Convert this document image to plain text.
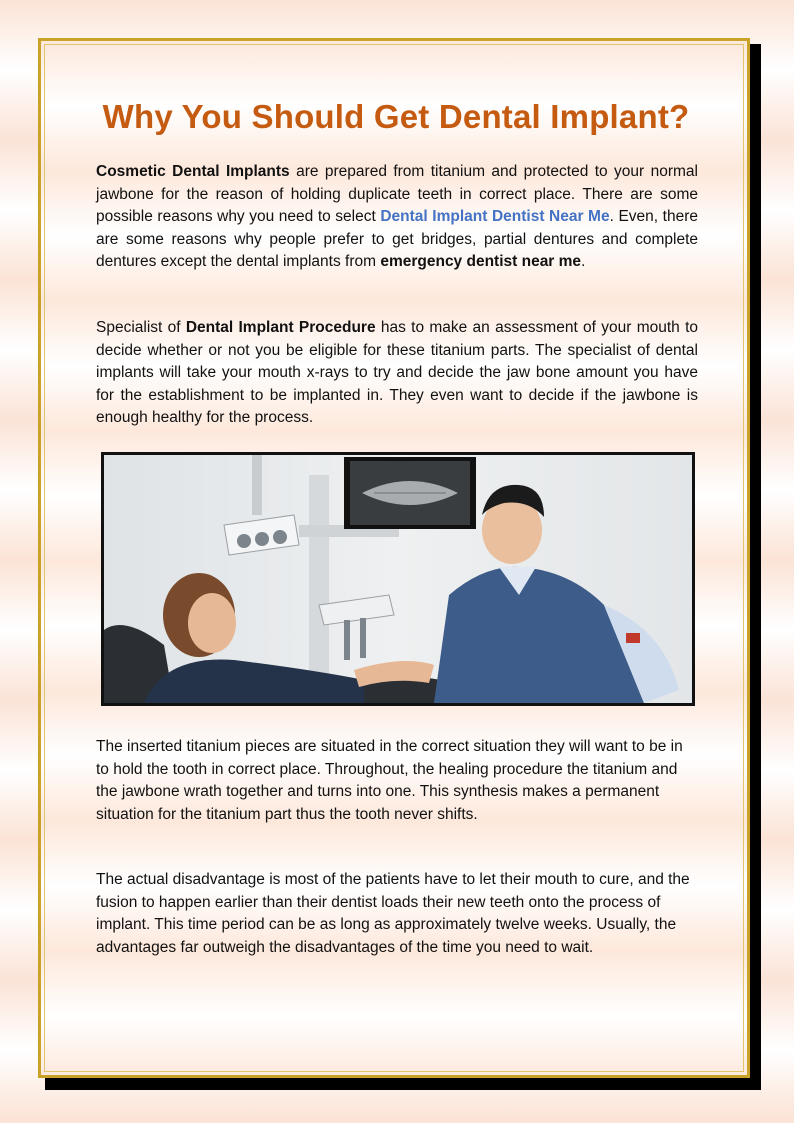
Why You Should Get Dental Implant?

Cosmetic Dental Implants are prepared from titanium and protected to your normal jawbone for the reason of holding duplicate teeth in correct place. There are some possible reasons why you need to select Dental Implant Dentist Near Me. Even, there are some reasons why people prefer to get bridges, partial dentures and complete dentures except the dental implants from emergency dentist near me.

Specialist of Dental Implant Procedure has to make an assessment of your mouth to decide whether or not you be eligible for these titanium parts. The specialist of dental implants will take your mouth x-rays to try and decide the jaw bone amount you have for the establishment to be implanted in. They even want to decide if the jawbone is enough healthy for the process.

The inserted titanium pieces are situated in the correct situation they will want to be in to hold the tooth in correct place. Throughout, the healing procedure the titanium and the jawbone wrath together and turns into one. This synthesis makes a permanent situation for the titanium part thus the tooth never shifts.

The actual disadvantage is most of the patients have to let their mouth to cure, and the fusion to happen earlier than their dentist loads their new teeth onto the process of implant. This time period can be as long as approximately twelve weeks. Usually, the advantages far outweigh the disadvantages of the time you need to wait.
